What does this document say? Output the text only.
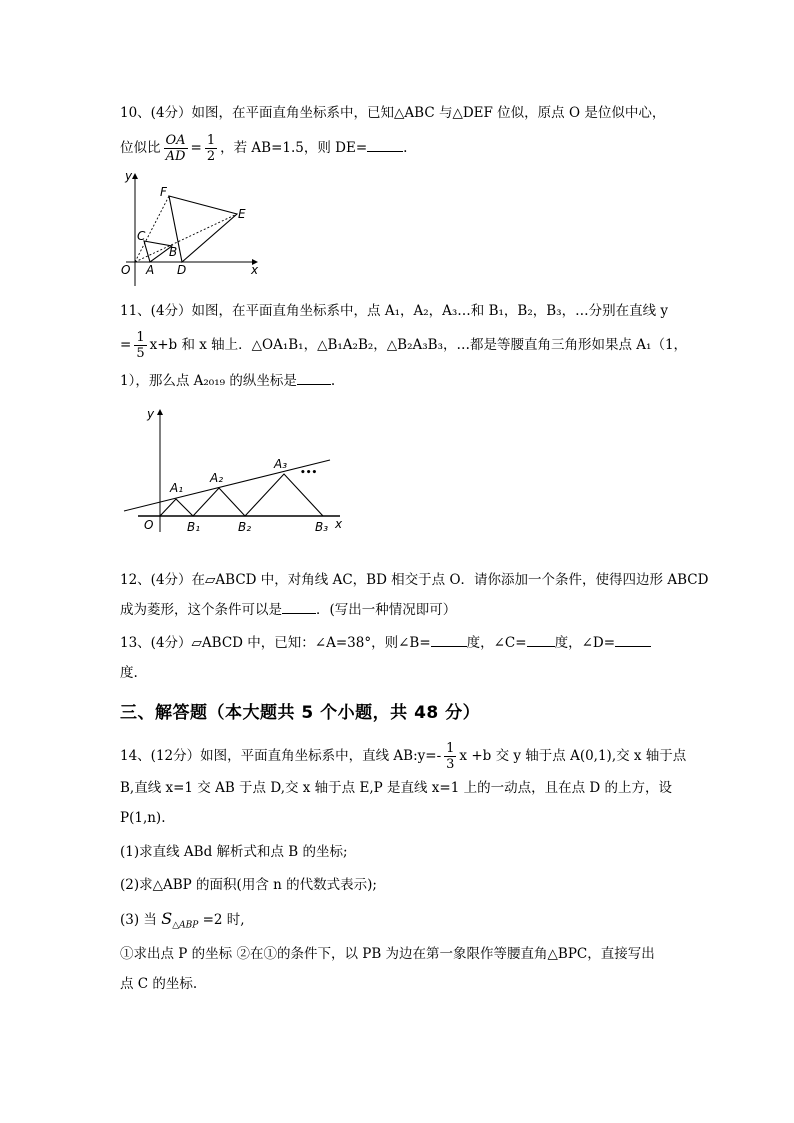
10、(4分）如图，在平面直角坐标系中，已知△ABC 与△DEF 位似，原点 O 是位似中心，
位似比 $\frac{OA}{AD} = \frac{1}{2}$ ，若 AB=1.5，则 DE=	.
y
F
E
C
B
O A D	x
11、(4分）如图，在平面直角坐标系中，点 A₁，A₂，A₃…和 B₁，B₂，B₃，…分别在直线 y
= $\frac{1}{5} x+b$ 和 x 轴上．△OA₁B₁，△B₁A₂B₂，△B₂A₃B₃，…都是等腰直角三角形如果点 A₁（1，
1），那么点 A₂₀₁₉ 的纵坐标是	.
y
A₁
A₂
A₃
•••
O	B₁	B₂	B₃ x
12、(4分）在▱ABCD 中，对角线 AC，BD 相交于点 O．请你添加一个条件，使得四边形 ABCD
成为菱形，这个条件可以是	．(写出一种情况即可）
13、(4分）▱ABCD 中，已知：∠A=38°，则∠B=	度，∠C= 度，∠D=
度.
三、解答题（本大题共 5 个小题，共 48 分）
14、(12分）如图，平面直角坐标系中，直线 AB:y=- $\frac{1}{3}$ x +b 交 y 轴于点 A(0,1),交 x 轴于点
B,直线 x=1 交 AB 于点 D,交 x 轴于点 E,P 是直线 x=1 上的一动点，且在点 D 的上方，设
P(1,n).
(1)求直线 ABd 解析式和点 B 的坐标;
(2)求△ABP 的面积(用含 n 的代数式表示);
(3) 当 $S_{\triangle ABP} =2$ 时,
①求出点 P 的坐标 ②在①的条件下，以 PB 为边在第一象限作等腰直角△BPC，直接写出
点 C 的坐标.
